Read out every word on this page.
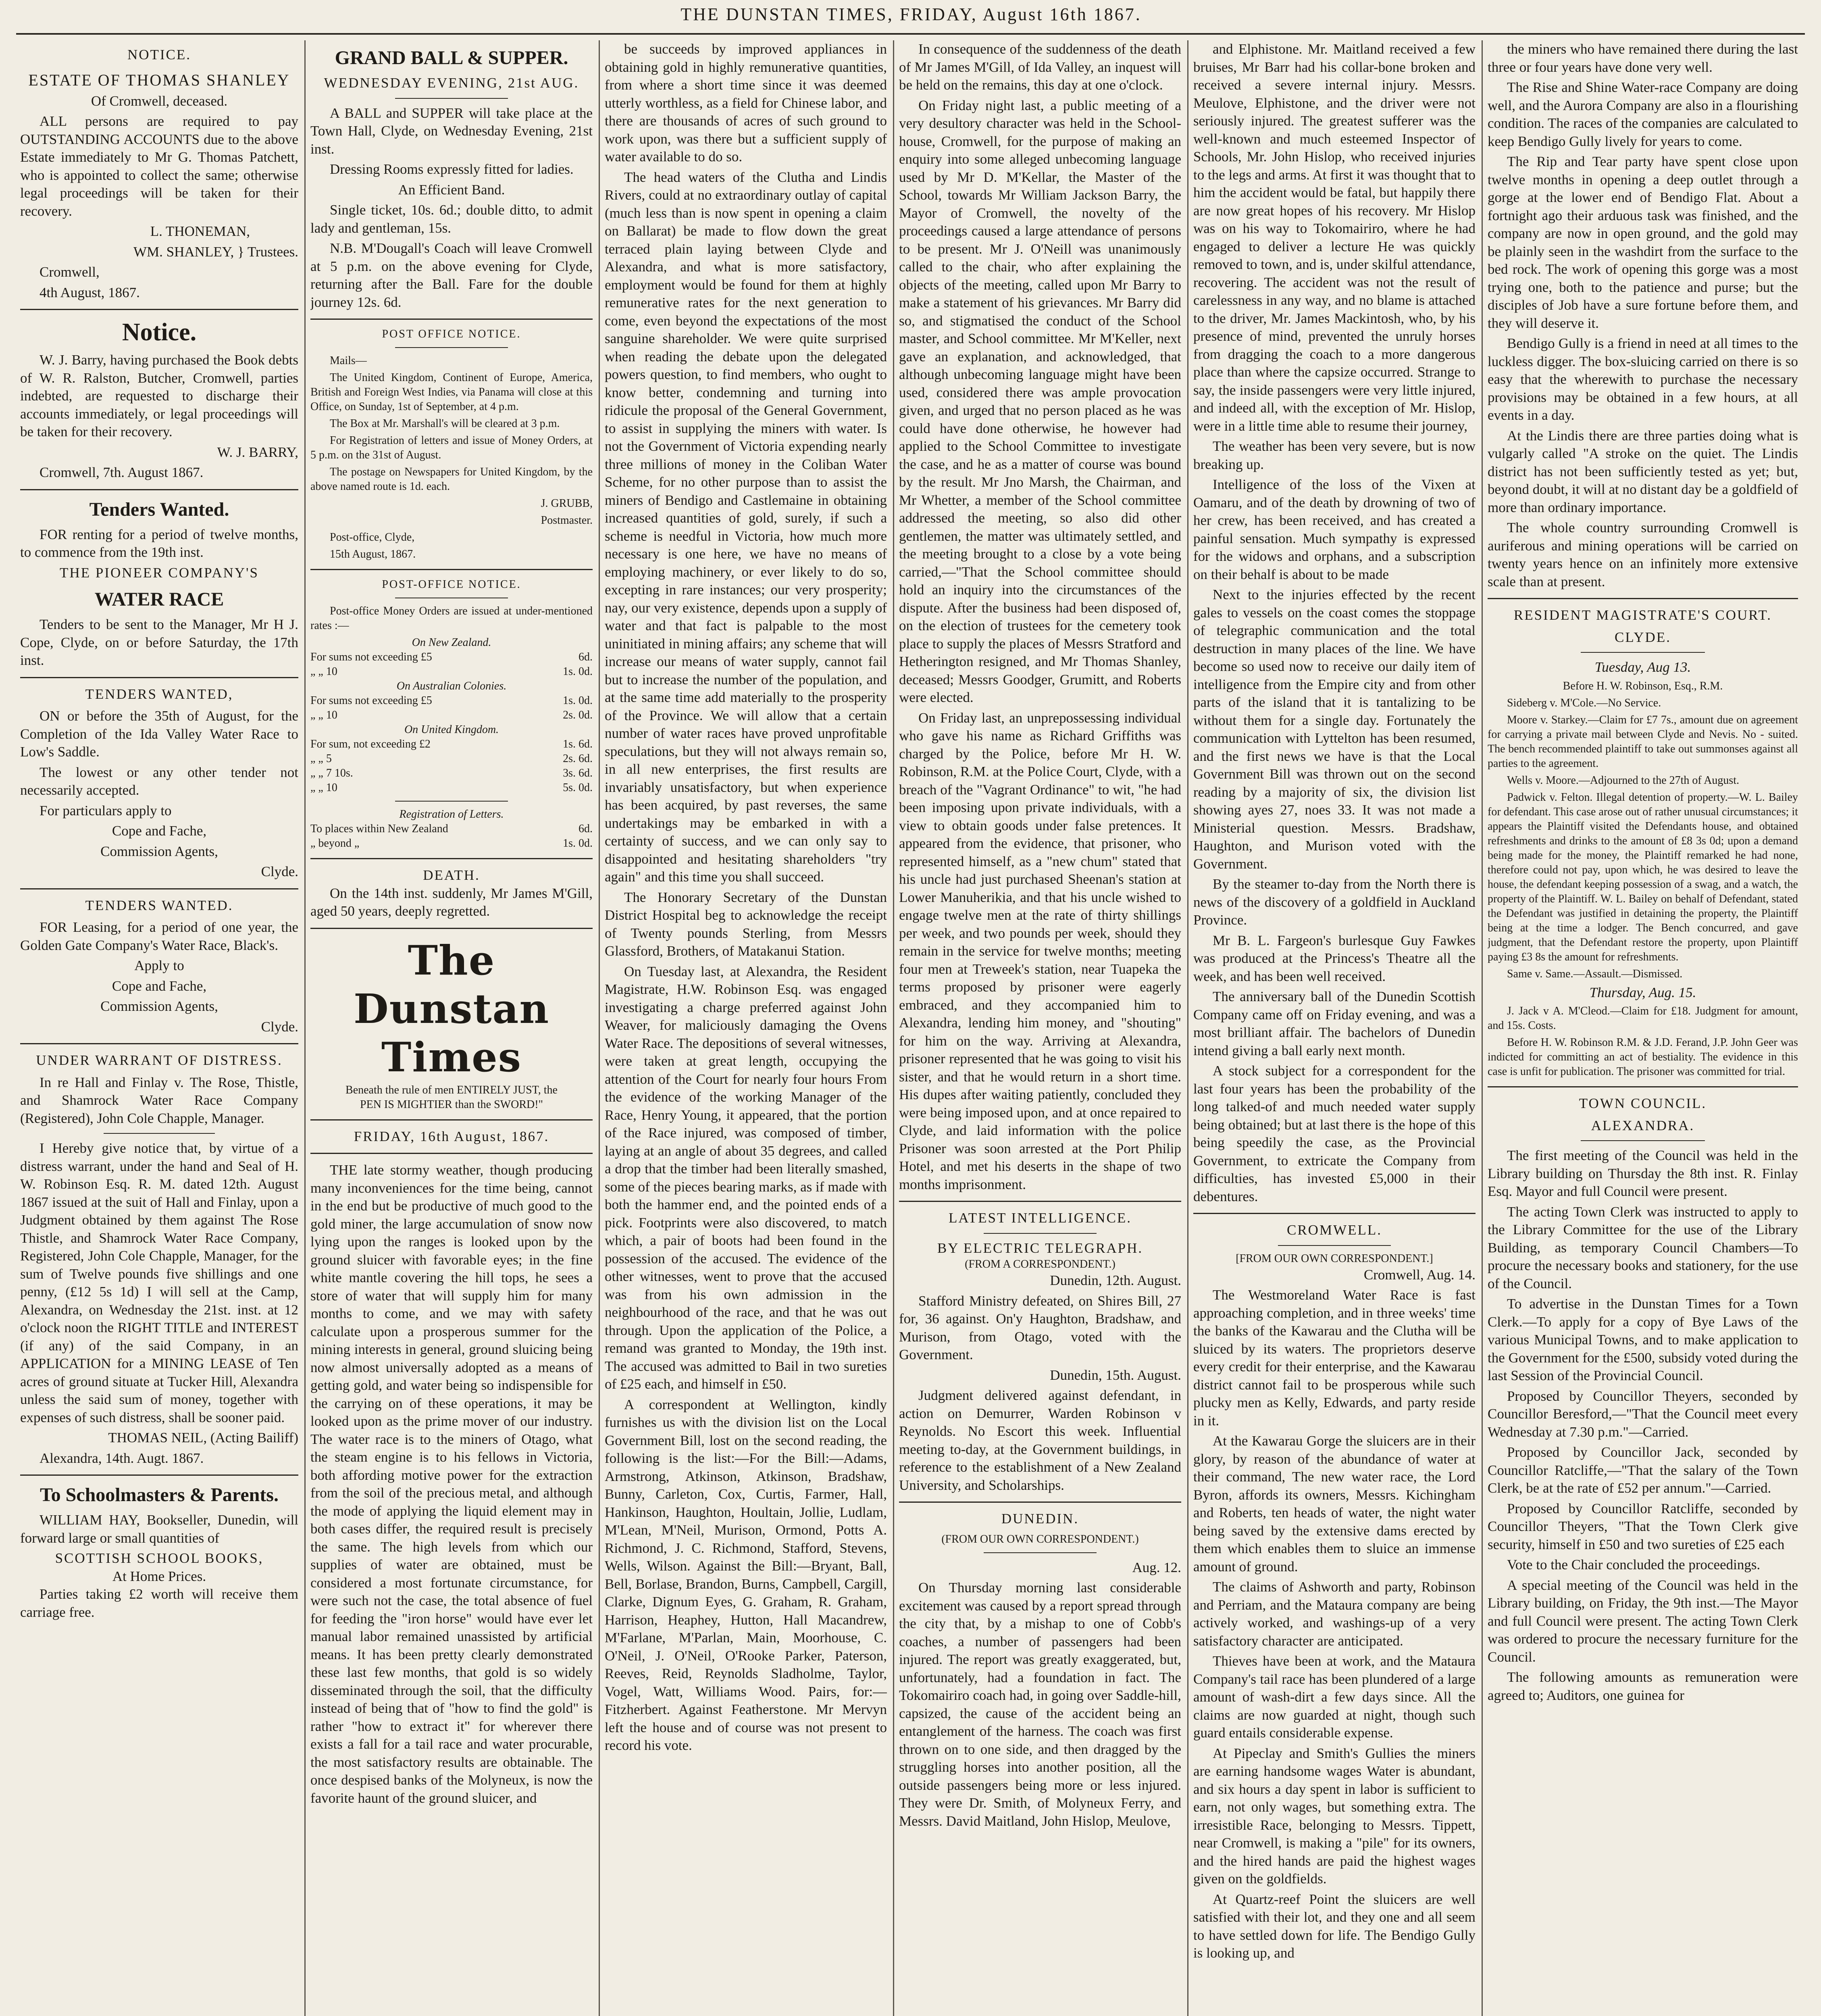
THE DUNSTAN TIMES, FRIDAY, August 16th 1867.
NOTICE.
ESTATE OF THOMAS SHANLEY

Of Cromwell, deceased.

ALL persons are required to pay OUTSTANDING ACCOUNTS due to the above Estate immediately to Mr G. Thomas Patchett, who is appointed to collect the same; otherwise legal proceedings will be taken for their recovery.

L. THONEMAN,

WM. SHANLEY, } Trustees.

Cromwell,

4th August, 1867.

Notice.

W. J. Barry, having purchased the Book debts of W. R. Ralston, Butcher, Cromwell, parties indebted, are requested to discharge their accounts immediately, or legal proceedings will be taken for their recovery.

W. J. BARRY,

Cromwell, 7th. August 1867.

Tenders Wanted.

FOR renting for a period of twelve months, to commence from the 19th inst.

THE PIONEER COMPANY'S
WATER RACE

Tenders to be sent to the Manager, Mr H J. Cope, Clyde, on or before Saturday, the 17th inst.

TENDERS WANTED,

ON or before the 35th of August, for the Completion of the Ida Valley Water Race to Low's Saddle.

The lowest or any other tender not necessarily accepted.

For particulars apply to

Cope and Fache,

Commission Agents,

Clyde.

TENDERS WANTED.

FOR Leasing, for a period of one year, the Golden Gate Company's Water Race, Black's.

Apply to

Cope and Fache,

Commission Agents,

Clyde.

UNDER WARRANT OF DISTRESS.

In re Hall and Finlay v. The Rose, Thistle, and Shamrock Water Race Company (Registered), John Cole Chapple, Manager.

I Hereby give notice that, by virtue of a distress warrant, under the hand and Seal of H. W. Robinson Esq. R. M. dated 12th. August 1867 issued at the suit of Hall and Finlay, upon a Judgment obtained by them against The Rose Thistle, and Shamrock Water Race Company, Registered, John Cole Chapple, Manager, for the sum of Twelve pounds five shillings and one penny, (£12 5s 1d) I will sell at the Camp, Alexandra, on Wednesday the 21st. inst. at 12 o'clock noon the RIGHT TITLE and INTEREST (if any) of the said Company, in an APPLICATION for a MINING LEASE of Ten acres of ground situate at Tucker Hill, Alexandra unless the said sum of money, together with expenses of such distress, shall be sooner paid.

THOMAS NEIL, (Acting Bailiff)

Alexandra, 14th. Augt. 1867.

To Schoolmasters & Parents.

WILLIAM HAY, Bookseller, Dunedin, will forward large or small quantities of

SCOTTISH SCHOOL BOOKS,
At Home Prices.

Parties taking £2 worth will receive them carriage free.

GRAND BALL & SUPPER.
WEDNESDAY EVENING, 21st AUG.

A BALL and SUPPER will take place at the Town Hall, Clyde, on Wednesday Evening, 21st inst.

Dressing Rooms expressly fitted for ladies.

An Efficient Band.

Single ticket, 10s. 6d.; double ditto, to admit lady and gentleman, 15s.

N.B. M'Dougall's Coach will leave Cromwell at 5 p.m. on the above evening for Clyde, returning after the Ball. Fare for the double journey 12s. 6d.

POST OFFICE NOTICE.

Mails—

The United Kingdom, Continent of Europe, America, British and Foreign West Indies, via Panama will close at this Office, on Sunday, 1st of September, at 4 p.m.

The Box at Mr. Marshall's will be cleared at 3 p.m.

For Registration of letters and issue of Money Orders, at 5 p.m. on the 31st of August.

The postage on Newspapers for United Kingdom, by the above named route is 1d. each.

J. GRUBB,

Postmaster.

Post-office, Clyde,

15th August, 1867.

POST-OFFICE NOTICE.

Post-office Money Orders are issued at under-mentioned rates :—

On New Zealand.
For sums not exceeding £5	6d.
„ „ 10	1s. 0d.
On Australian Colonies.
For sums not exceeding £5	1s. 0d.
„ „ 10	2s. 0d.
On United Kingdom.
For sum, not exceeding £2	1s. 6d.
„ „ 5	2s. 6d.
„ „ 7 10s.	3s. 6d.
„ „ 10	5s. 0d.
Registration of Letters.
To places within New Zealand	6d.
„ beyond „	1s. 0d.
DEATH.

On the 14th inst. suddenly, Mr James M'Gill, aged 50 years, deeply regretted.

The Dunstan Times
Beneath the rule of men ENTIRELY JUST, the
PEN IS MIGHTIER than the SWORD!"
FRIDAY, 16th August, 1867.

THE late stormy weather, though producing many inconveniences for the time being, cannot in the end but be productive of much good to the gold miner, the large accumulation of snow now lying upon the ranges is looked upon by the ground sluicer with favorable eyes; in the fine white mantle covering the hill tops, he sees a store of water that will supply him for many months to come, and we may with safety calculate upon a prosperous summer for the mining interests in general, ground sluicing being now almost universally adopted as a means of getting gold, and water being so indispensible for the carrying on of these operations, it may be looked upon as the prime mover of our industry. The water race is to the miners of Otago, what the steam engine is to his fellows in Victoria, both affording motive power for the extraction from the soil of the precious metal, and although the mode of applying the liquid element may in both cases differ, the required result is precisely the same. The high levels from which our supplies of water are obtained, must be considered a most fortunate circumstance, for were such not the case, the total absence of fuel for feeding the "iron horse" would have ever let manual labor remained unassisted by artificial means. It has been pretty clearly demonstrated these last few months, that gold is so widely disseminated through the soil, that the difficulty instead of being that of "how to find the gold" is rather "how to extract it" for wherever there exists a fall for a tail race and water procurable, the most satisfactory results are obtainable. The once despised banks of the Molyneux, is now the favorite haunt of the ground sluicer, and

be succeeds by improved appliances in obtaining gold in highly remunerative quantities, from where a short time since it was deemed utterly worthless, as a field for Chinese labor, and there are thousands of acres of such ground to work upon, was there but a sufficient supply of water available to do so.

The head waters of the Clutha and Lindis Rivers, could at no extraordinary outlay of capital (much less than is now spent in opening a claim on Ballarat) be made to flow down the great terraced plain laying between Clyde and Alexandra, and what is more satisfactory, employment would be found for them at highly remunerative rates for the next generation to come, even beyond the expectations of the most sanguine shareholder. We were quite surprised when reading the debate upon the delegated powers question, to find members, who ought to know better, condemning and turning into ridicule the proposal of the General Government, to assist in supplying the miners with water. Is not the Government of Victoria expending nearly three millions of money in the Coliban Water Scheme, for no other purpose than to assist the miners of Bendigo and Castlemaine in obtaining increased quantities of gold, surely, if such a scheme is needful in Victoria, how much more necessary is one here, we have no means of employing machinery, or ever likely to do so, excepting in rare instances; our very prosperity; nay, our very existence, depends upon a supply of water and that fact is palpable to the most uninitiated in mining affairs; any scheme that will increase our means of water supply, cannot fail but to increase the number of the population, and at the same time add materially to the prosperity of the Province. We will allow that a certain number of water races have proved unprofitable speculations, but they will not always remain so, in all new enterprises, the first results are invariably unsatisfactory, but when experience has been acquired, by past reverses, the same undertakings may be embarked in with a certainty of success, and we can only say to disappointed and hesitating shareholders "try again" and this time you shall succeed.

The Honorary Secretary of the Dunstan District Hospital beg to acknowledge the receipt of Twenty pounds Sterling, from Messrs Glassford, Brothers, of Matakanui Station.

On Tuesday last, at Alexandra, the Resident Magistrate, H.W. Robinson Esq. was engaged investigating a charge preferred against John Weaver, for maliciously damaging the Ovens Water Race. The depositions of several witnesses, were taken at great length, occupying the attention of the Court for nearly four hours From the evidence of the working Manager of the Race, Henry Young, it appeared, that the portion of the Race injured, was composed of timber, laying at an angle of about 35 degrees, and called a drop that the timber had been literally smashed, some of the pieces bearing marks, as if made with both the hammer end, and the pointed ends of a pick. Footprints were also discovered, to match which, a pair of boots had been found in the possession of the accused. The evidence of the other witnesses, went to prove that the accused was from his own admission in the neighbourhood of the race, and that he was out through. Upon the application of the Police, a remand was granted to Monday, the 19th inst. The accused was admitted to Bail in two sureties of £25 each, and himself in £50.

A correspondent at Wellington, kindly furnishes us with the division list on the Local Government Bill, lost on the second reading, the following is the list:—For the Bill:—Adams, Armstrong, Atkinson, Atkinson, Bradshaw, Bunny, Carleton, Cox, Curtis, Farmer, Hall, Hankinson, Haughton, Houltain, Jollie, Ludlam, M'Lean, M'Neil, Murison, Ormond, Potts A. Richmond, J. C. Richmond, Stafford, Stevens, Wells, Wilson. Against the Bill:—Bryant, Ball, Bell, Borlase, Brandon, Burns, Campbell, Cargill, Clarke, Dignum Eyes, G. Graham, R. Graham, Harrison, Heaphey, Hutton, Hall Macandrew, M'Farlane, M'Parlan, Main, Moorhouse, C. O'Neil, J. O'Neil, O'Rooke Parker, Paterson, Reeves, Reid, Reynolds Sladholme, Taylor, Vogel, Watt, Williams Wood. Pairs, for:—Fitzherbert. Against Featherstone. Mr Mervyn left the house and of course was not present to record his vote.

In consequence of the suddenness of the death of Mr James M'Gill, of Ida Valley, an inquest will be held on the remains, this day at one o'clock.

On Friday night last, a public meeting of a very desultory character was held in the School-house, Cromwell, for the purpose of making an enquiry into some alleged unbecoming language used by Mr D. M'Kellar, the Master of the School, towards Mr William Jackson Barry, the Mayor of Cromwell, the novelty of the proceedings caused a large attendance of persons to be present. Mr J. O'Neill was unanimously called to the chair, who after explaining the objects of the meeting, called upon Mr Barry to make a statement of his grievances. Mr Barry did so, and stigmatised the conduct of the School master, and School committee. Mr M'Keller, next gave an explanation, and acknowledged, that although unbecoming language might have been used, considered there was ample provocation given, and urged that no person placed as he was could have done otherwise, he however had applied to the School Committee to investigate the case, and he as a matter of course was bound by the result. Mr Jno Marsh, the Chairman, and Mr Whetter, a member of the School committee addressed the meeting, so also did other gentlemen, the matter was ultimately settled, and the meeting brought to a close by a vote being carried,—"That the School committee should hold an inquiry into the circumstances of the dispute. After the business had been disposed of, on the election of trustees for the cemetery took place to supply the places of Messrs Stratford and Hetherington resigned, and Mr Thomas Shanley, deceased; Messrs Goodger, Grumitt, and Roberts were elected.

On Friday last, an unprepossessing individual who gave his name as Richard Griffiths was charged by the Police, before Mr H. W. Robinson, R.M. at the Police Court, Clyde, with a breach of the "Vagrant Ordinance" to wit, "he had been imposing upon private individuals, with a view to obtain goods under false pretences. It appeared from the evidence, that prisoner, who represented himself, as a "new chum" stated that his uncle had just purchased Sheenan's station at Lower Manuherikia, and that his uncle wished to engage twelve men at the rate of thirty shillings per week, and two pounds per week, should they remain in the service for twelve months; meeting four men at Treweek's station, near Tuapeka the terms proposed by prisoner were eagerly embraced, and they accompanied him to Alexandra, lending him money, and "shouting" for him on the way. Arriving at Alexandra, prisoner represented that he was going to visit his sister, and that he would return in a short time. His dupes after waiting patiently, concluded they were being imposed upon, and at once repaired to Clyde, and laid information with the police Prisoner was soon arrested at the Port Philip Hotel, and met his deserts in the shape of two months imprisonment.

LATEST INTELLIGENCE.
BY ELECTRIC TELEGRAPH.
(FROM A CORRESPONDENT.)

Dunedin, 12th. August.

Stafford Ministry defeated, on Shires Bill, 27 for, 36 against. On'y Haughton, Bradshaw, and Murison, from Otago, voted with the Government.

Dunedin, 15th. August.

Judgment delivered against defendant, in action on Demurrer, Warden Robinson v Reynolds. No Escort this week. Influential meeting to-day, at the Government buildings, in reference to the establishment of a New Zealand University, and Scholarships.

DUNEDIN.
(FROM OUR OWN CORRESPONDENT.)

Aug. 12.

On Thursday morning last considerable excitement was caused by a report spread through the city that, by a mishap to one of Cobb's coaches, a number of passengers had been injured. The report was greatly exaggerated, but, unfortunately, had a foundation in fact. The Tokomairiro coach had, in going over Saddle-hill, capsized, the cause of the accident being an entanglement of the harness. The coach was first thrown on to one side, and then dragged by the struggling horses into another position, all the outside passengers being more or less injured. They were Dr. Smith, of Molyneux Ferry, and Messrs. David Maitland, John Hislop, Meulove,

and Elphistone. Mr. Maitland received a few bruises, Mr Barr had his collar-bone broken and received a severe internal injury. Messrs. Meulove, Elphistone, and the driver were not seriously injured. The greatest sufferer was the well-known and much esteemed Inspector of Schools, Mr. John Hislop, who received injuries to the legs and arms. At first it was thought that to him the accident would be fatal, but happily there are now great hopes of his recovery. Mr Hislop was on his way to Tokomairiro, where he had engaged to deliver a lecture He was quickly removed to town, and is, under skilful attendance, recovering. The accident was not the result of carelessness in any way, and no blame is attached to the driver, Mr. James Mackintosh, who, by his presence of mind, prevented the unruly horses from dragging the coach to a more dangerous place than where the capsize occurred. Strange to say, the inside passengers were very little injured, and indeed all, with the exception of Mr. Hislop, were in a little time able to resume their journey,

The weather has been very severe, but is now breaking up.

Intelligence of the loss of the Vixen at Oamaru, and of the death by drowning of two of her crew, has been received, and has created a painful sensation. Much sympathy is expressed for the widows and orphans, and a subscription on their behalf is about to be made

Next to the injuries effected by the recent gales to vessels on the coast comes the stoppage of telegraphic communication and the total destruction in many places of the line. We have become so used now to receive our daily item of intelligence from the Empire city and from other parts of the island that it is tantalizing to be without them for a single day. Fortunately the communication with Lyttelton has been resumed, and the first news we have is that the Local Government Bill was thrown out on the second reading by a majority of six, the division list showing ayes 27, noes 33. It was not made a Ministerial question. Messrs. Bradshaw, Haughton, and Murison voted with the Government.

By the steamer to-day from the North there is news of the discovery of a goldfield in Auckland Province.

Mr B. L. Fargeon's burlesque Guy Fawkes was produced at the Princess's Theatre all the week, and has been well received.

The anniversary ball of the Dunedin Scottish Company came off on Friday evening, and was a most brilliant affair. The bachelors of Dunedin intend giving a ball early next month.

A stock subject for a correspondent for the last four years has been the probability of the long talked-of and much needed water supply being obtained; but at last there is the hope of this being speedily the case, as the Provincial Government, to extricate the Company from difficulties, has invested £5,000 in their debentures.

CROMWELL.
[FROM OUR OWN CORRESPONDENT.]

Cromwell, Aug. 14.

The Westmoreland Water Race is fast approaching completion, and in three weeks' time the banks of the Kawarau and the Clutha will be sluiced by its waters. The proprietors deserve every credit for their enterprise, and the Kawarau district cannot fail to be prosperous while such plucky men as Kelly, Edwards, and party reside in it.

At the Kawarau Gorge the sluicers are in their glory, by reason of the abundance of water at their command, The new water race, the Lord Byron, affords its owners, Messrs. Kichingham and Roberts, ten heads of water, the night water being saved by the extensive dams erected by them which enables them to sluice an immense amount of ground.

The claims of Ashworth and party, Robinson and Perriam, and the Mataura company are being actively worked, and washings-up of a very satisfactory character are anticipated.

Thieves have been at work, and the Mataura Company's tail race has been plundered of a large amount of wash-dirt a few days since. All the claims are now guarded at night, though such guard entails considerable expense.

At Pipeclay and Smith's Gullies the miners are earning handsome wages Water is abundant, and six hours a day spent in labor is sufficient to earn, not only wages, but something extra. The irresistible Race, belonging to Messrs. Tippett, near Cromwell, is making a "pile" for its owners, and the hired hands are paid the highest wages given on the goldfields.

At Quartz-reef Point the sluicers are well satisfied with their lot, and they one and all seem to have settled down for life. The Bendigo Gully is looking up, and

the miners who have remained there during the last three or four years have done very well.

The Rise and Shine Water-race Company are doing well, and the Aurora Company are also in a flourishing condition. The races of the companies are calculated to keep Bendigo Gully lively for years to come.

The Rip and Tear party have spent close upon twelve months in opening a deep outlet through a gorge at the lower end of Bendigo Flat. About a fortnight ago their arduous task was finished, and the company are now in open ground, and the gold may be plainly seen in the washdirt from the surface to the bed rock. The work of opening this gorge was a most trying one, both to the patience and purse; but the disciples of Job have a sure fortune before them, and they will deserve it.

Bendigo Gully is a friend in need at all times to the luckless digger. The box-sluicing carried on there is so easy that the wherewith to purchase the necessary provisions may be obtained in a few hours, at all events in a day.

At the Lindis there are three parties doing what is vulgarly called "A stroke on the quiet. The Lindis district has not been sufficiently tested as yet; but, beyond doubt, it will at no distant day be a goldfield of more than ordinary importance.

The whole country surrounding Cromwell is auriferous and mining operations will be carried on twenty years hence on an infinitely more extensive scale than at present.

RESIDENT MAGISTRATE'S COURT.
CLYDE.

Tuesday, Aug 13.

Before H. W. Robinson, Esq., R.M.

Sideberg v. M'Cole.—No Service.

Moore v. Starkey.—Claim for £7 7s., amount due on agreement for carrying a private mail between Clyde and Nevis. No - suited. The bench recommended plaintiff to take out summonses against all parties to the agreement.

Wells v. Moore.—Adjourned to the 27th of August.

Padwick v. Felton. Illegal detention of property.—W. L. Bailey for defendant. This case arose out of rather unusual circumstances; it appears the Plaintiff visited the Defendants house, and obtained refreshments and drinks to the amount of £8 3s 0d; upon a demand being made for the money, the Plaintiff remarked he had none, therefore could not pay, upon which, he was desired to leave the house, the defendant keeping possession of a swag, and a watch, the property of the Plaintiff. W. L. Bailey on behalf of Defendant, stated the Defendant was justified in detaining the property, the Plaintiff being at the time a lodger. The Bench concurred, and gave judgment, that the Defendant restore the property, upon Plaintiff paying £3 8s the amount for refreshments.

Same v. Same.—Assault.—Dismissed.

Thursday, Aug. 15.

J. Jack v A. M'Cleod.—Claim for £18. Judgment for amount, and 15s. Costs.

Before H. W. Robinson R.M. & J.D. Ferand, J.P. John Geer was indicted for committing an act of bestiality. The evidence in this case is unfit for publication. The prisoner was committed for trial.

TOWN COUNCIL.
ALEXANDRA.

The first meeting of the Council was held in the Library building on Thursday the 8th inst. R. Finlay Esq. Mayor and full Council were present.

The acting Town Clerk was instructed to apply to the Library Committee for the use of the Library Building, as temporary Council Chambers—To procure the necessary books and stationery, for the use of the Council.

To advertise in the Dunstan Times for a Town Clerk.—To apply for a copy of Bye Laws of the various Municipal Towns, and to make application to the Government for the £500, subsidy voted during the last Session of the Provincial Council.

Proposed by Councillor Theyers, seconded by Councillor Beresford,—"That the Council meet every Wednesday at 7.30 p.m."—Carried.

Proposed by Councillor Jack, seconded by Councillor Ratcliffe,—"That the salary of the Town Clerk, be at the rate of £52 per annum."—Carried.

Proposed by Councillor Ratcliffe, seconded by Councillor Theyers, "That the Town Clerk give security, himself in £50 and two sureties of £25 each

Vote to the Chair concluded the proceedings.

A special meeting of the Council was held in the Library building, on Friday, the 9th inst.—The Mayor and full Council were present. The acting Town Clerk was ordered to procure the necessary furniture for the Council.

The following amounts as remuneration were agreed to; Auditors, one guinea for
